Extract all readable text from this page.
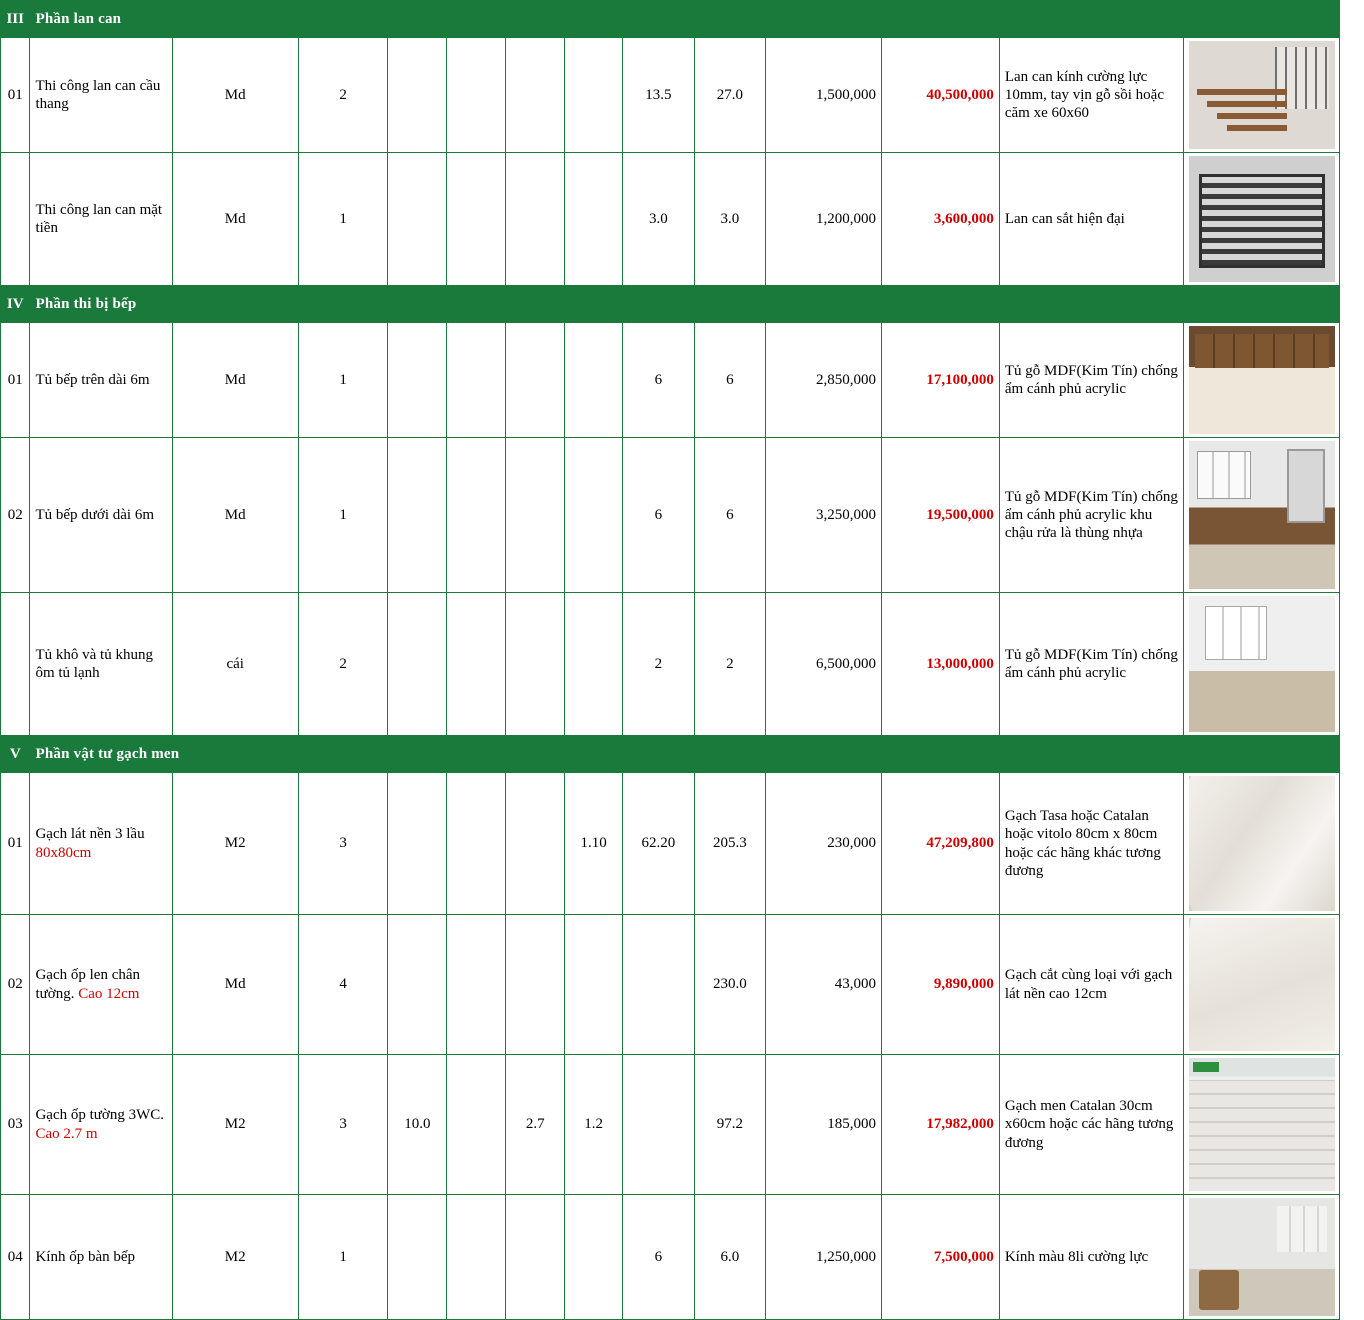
III	Phần lan can												
01	Thi công lan can cầu thang	Md	2					13.5	27.0	1,500,000	40,500,000	Lan can kính cường lực 10mm, tay vịn gỗ sồi hoặc căm xe 60x60	

	Thi công lan can mặt tiền	Md	1					3.0	3.0	1,200,000	3,600,000	Lan can sắt hiện đại	

IV	Phần thi bị bếp												
01	Tủ bếp trên dài 6m	Md	1					6	6	2,850,000	17,100,000	Tủ gỗ MDF(Kim Tín) chống ẩm cánh phủ acrylic	

02	Tủ bếp dưới dài 6m	Md	1					6	6	3,250,000	19,500,000	Tủ gỗ MDF(Kim Tín) chống ẩm cánh phủ acrylic khu chậu rửa là thùng nhựa	

	Tủ khô và tủ khung ôm tủ lạnh	cái	2					2	2	6,500,000	13,000,000	Tủ gỗ MDF(Kim Tín) chống ẩm cánh phủ acrylic	

V	Phần vật tư gạch men												
01	Gạch lát nền 3 lầu 80x80cm	M2	3				1.10	62.20	205.3	230,000	47,209,800	Gạch Tasa hoặc Catalan hoặc vitolo 80cm x 80cm hoặc các hãng khác tương đương	

02	Gạch ốp len chân tường. Cao 12cm	Md	4						230.0	43,000	9,890,000	Gạch cắt cùng loại với gạch lát nền cao 12cm	

03	Gạch ốp tường 3WC. Cao 2.7 m	M2	3	10.0		2.7	1.2		97.2	185,000	17,982,000	Gạch men Catalan 30cm x60cm hoặc các hãng tương đương	

04	Kính ốp bàn bếp	M2	1					6	6.0	1,250,000	7,500,000	Kính màu 8li cường lực	
